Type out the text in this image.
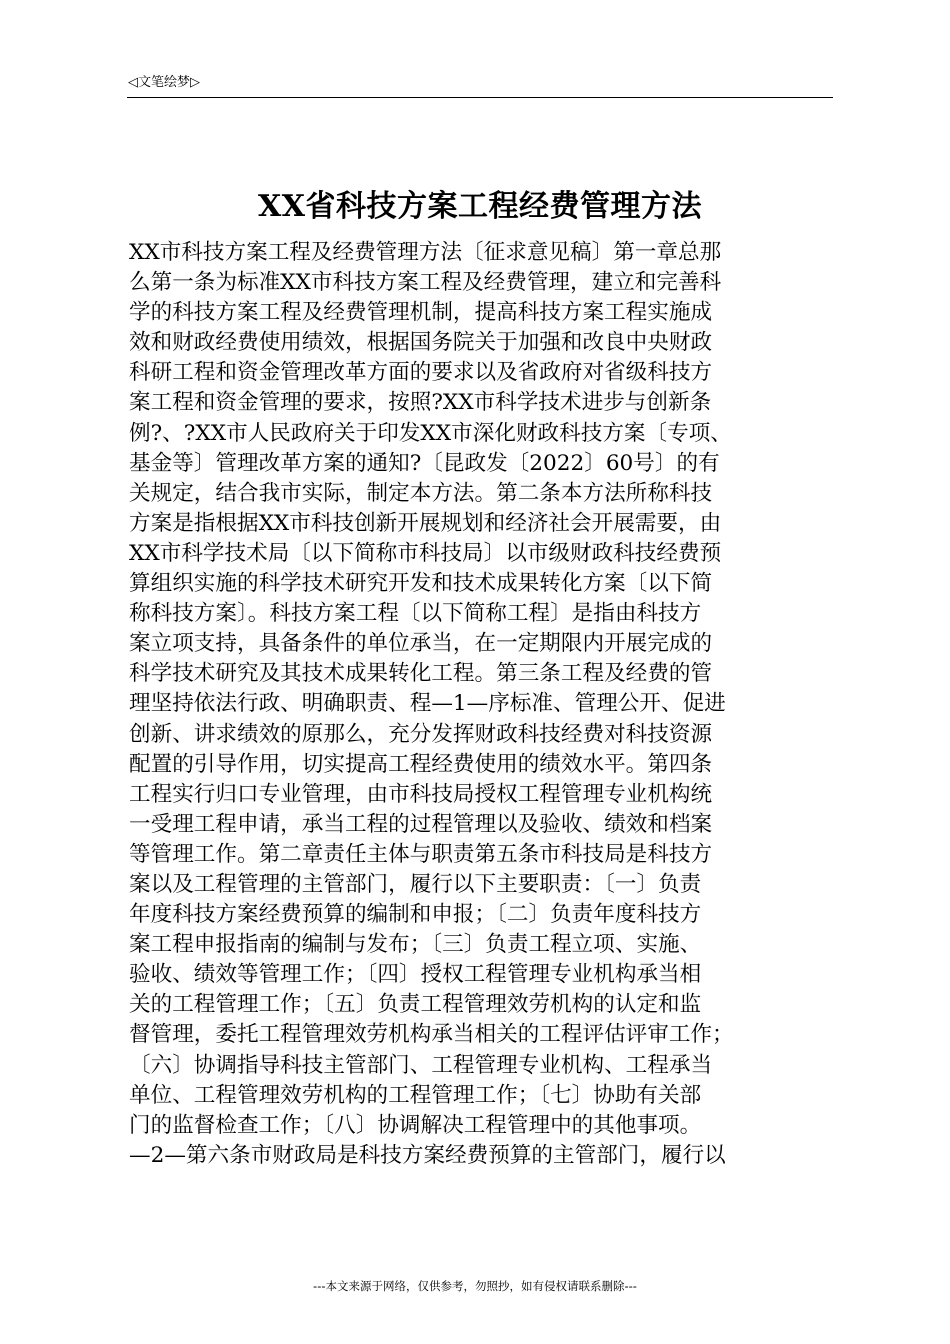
◁文笔绘梦▷
XX省科技方案工程经费管理方法
XX市科技方案工程及经费管理方法〔征求意见稿〕第一章总那
么第一条为标准XX市科技方案工程及经费管理，建立和完善科
学的科技方案工程及经费管理机制，提高科技方案工程实施成
效和财政经费使用绩效，根据国务院关于加强和改良中央财政
科研工程和资金管理改革方面的要求以及省政府对省级科技方
案工程和资金管理的要求，按照?XX市科学技术进步与创新条
例?、?XX市人民政府关于印发XX市深化财政科技方案〔专项、
基金等〕管理改革方案的通知?〔昆政发〔2022〕60号〕的有
关规定，结合我市实际，制定本方法。第二条本方法所称科技
方案是指根据XX市科技创新开展规划和经济社会开展需要，由
XX市科学技术局〔以下简称市科技局〕以市级财政科技经费预
算组织实施的科学技术研究开发和技术成果转化方案〔以下简
称科技方案〕。科技方案工程〔以下简称工程〕是指由科技方
案立项支持，具备条件的单位承当，在一定期限内开展完成的
科学技术研究及其技术成果转化工程。第三条工程及经费的管
理坚持依法行政、明确职责、程—1—序标准、管理公开、促进
创新、讲求绩效的原那么，充分发挥财政科技经费对科技资源
配置的引导作用，切实提高工程经费使用的绩效水平。第四条
工程实行归口专业管理，由市科技局授权工程管理专业机构统
一受理工程申请，承当工程的过程管理以及验收、绩效和档案
等管理工作。第二章责任主体与职责第五条市科技局是科技方
案以及工程管理的主管部门，履行以下主要职责：〔一〕负责
年度科技方案经费预算的编制和申报；〔二〕负责年度科技方
案工程申报指南的编制与发布；〔三〕负责工程立项、实施、
验收、绩效等管理工作；〔四〕授权工程管理专业机构承当相
关的工程管理工作；〔五〕负责工程管理效劳机构的认定和监
督管理，委托工程管理效劳机构承当相关的工程评估评审工作；
〔六〕协调指导科技主管部门、工程管理专业机构、工程承当
单位、工程管理效劳机构的工程管理工作；〔七〕协助有关部
门的监督检查工作；〔八〕协调解决工程管理中的其他事项。
—2—第六条市财政局是科技方案经费预算的主管部门，履行以
---本文来源于网络，仅供参考，勿照抄，如有侵权请联系删除---
